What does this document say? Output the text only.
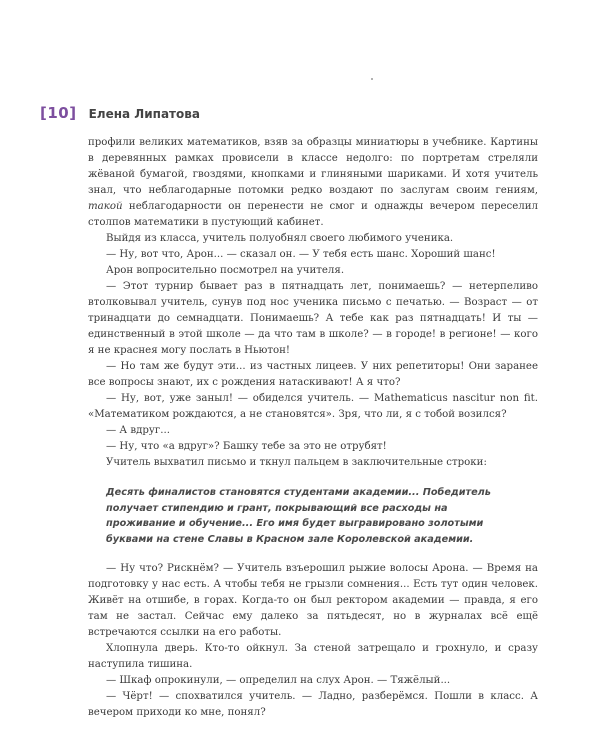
[10] Елена Липатова

профили великих математиков, взяв за образцы миниатюры в учебнике. Картины в деревянных рамках провисели в классе недолго: по портретам стреляли жёваной бумагой, гвоздями, кнопками и глиняными шариками. И хотя учитель знал, что неблагодарные потомки редко воздают по заслугам своим гениям, такой неблагодарности он перенести не смог и однажды вечером переселил столпов математики в пустующий кабинет.

Выйдя из класса, учитель полуобнял своего любимого ученика.

— Ну, вот что, Арон... — сказал он. — У тебя есть шанс. Хороший шанс!

Арон вопросительно посмотрел на учителя.

— Этот турнир бывает раз в пятнадцать лет, понимаешь? — нетерпеливо втолковывал учитель, сунув под нос ученика письмо с печатью. — Возраст — от тринадцати до семнадцати. Понимаешь? А тебе как раз пятнадцать! И ты — единственный в этой школе — да что там в школе? — в городе! в регионе! — кого я не краснея могу послать в Ньютон!

— Но там же будут эти... из частных лицеев. У них репетиторы! Они заранее все вопросы знают, их с рождения натаскивают! А я что?

— Ну, вот, уже заныл! — обиделся учитель. — Mathematicus nascitur non fit. «Математиком рождаются, а не становятся». Зря, что ли, я с тобой возился?

— А вдруг...

— Ну, что «а вдруг»? Башку тебе за это не отрубят!

Учитель выхватил письмо и ткнул пальцем в заключительные строки:

Десять финалистов становятся студентами академии... Победитель получает стипендию и грант, покрывающий все расходы на проживание и обучение... Его имя будет выгравировано золотыми буквами на стене Славы в Красном зале Королевской академии.

— Ну что? Рискнём? — Учитель взъерошил рыжие волосы Арона. — Время на подготовку у нас есть. А чтобы тебя не грызли сомнения... Есть тут один человек. Живёт на отшибе, в горах. Когда-то он был ректором академии — правда, я его там не застал. Сейчас ему далеко за пятьдесят, но в журналах всё ещё встречаются ссылки на его работы.

Хлопнула дверь. Кто-то ойкнул. За стеной затрещало и грохнуло, и сразу наступила тишина.

— Шкаф опрокинули, — определил на слух Арон. — Тяжёлый...

— Чёрт! — спохватился учитель. — Ладно, разберёмся. Пошли в класс. А вечером приходи ко мне, понял?
